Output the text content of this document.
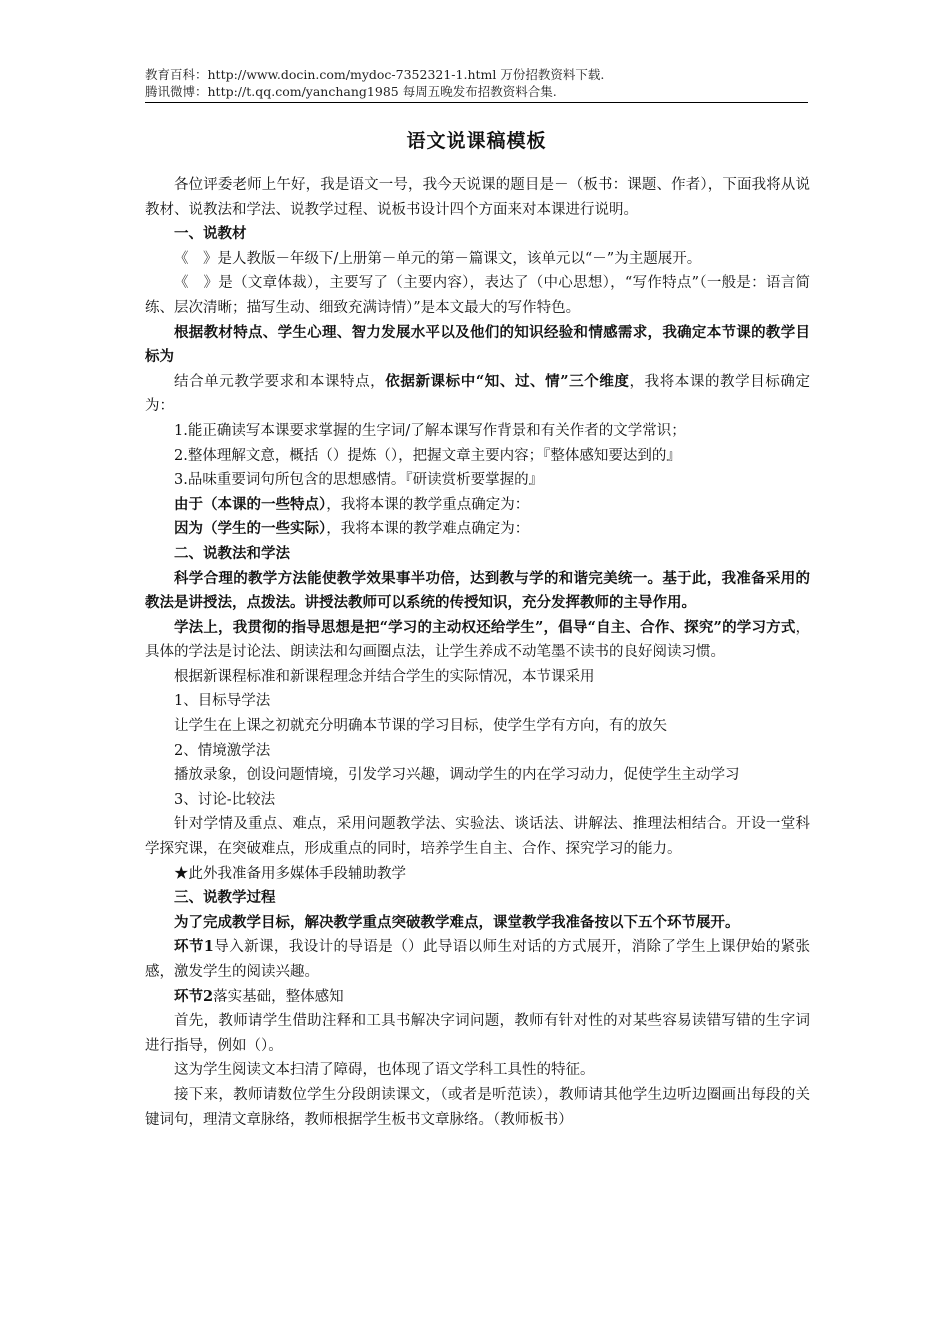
教育百科：http://www.docin.com/mydoc-7352321-1.html 万份招教资料下载.
腾讯微博：http://t.qq.com/yanchang1985 每周五晚发布招教资料合集.
语文说课稿模板

各位评委老师上午好，我是语文一号，我今天说课的题目是－（板书：课题、作者），下面我将从说教材、说教法和学法、说教学过程、说板书设计四个方面来对本课进行说明。

一、说教材

《　》是人教版－年级下/上册第－单元的第－篇课文，该单元以“－”为主题展开。

《　》是（文章体裁），主要写了（主要内容），表达了（中心思想），“写作特点”（一般是：语言简练、层次清晰；描写生动、细致充满诗情）”是本文最大的写作特色。

根据教材特点、学生心理、智力发展水平以及他们的知识经验和情感需求，我确定本节课的教学目标为

结合单元教学要求和本课特点，依据新课标中“知、过、情”三个维度，我将本课的教学目标确定为：

1.能正确读写本课要求掌握的生字词/了解本课写作背景和有关作者的文学常识；

2.整体理解文意，概括（）提炼（），把握文章主要内容；『整体感知要达到的』

3.品味重要词句所包含的思想感情。『研读赏析要掌握的』

由于（本课的一些特点），我将本课的教学重点确定为：

因为（学生的一些实际），我将本课的教学难点确定为：

二、说教法和学法

科学合理的教学方法能使教学效果事半功倍，达到教与学的和谐完美统一。基于此，我准备采用的教法是讲授法，点拨法。讲授法教师可以系统的传授知识，充分发挥教师的主导作用。

学法上，我贯彻的指导思想是把“学习的主动权还给学生”，倡导“自主、合作、探究”的学习方式，具体的学法是讨论法、朗读法和勾画圈点法，让学生养成不动笔墨不读书的良好阅读习惯。

根据新课程标准和新课程理念并结合学生的实际情况，本节课采用

1、目标导学法

让学生在上课之初就充分明确本节课的学习目标，使学生学有方向，有的放矢

2、情境激学法

播放录象，创设问题情境，引发学习兴趣，调动学生的内在学习动力，促使学生主动学习

3、讨论-比较法

针对学情及重点、难点，采用问题教学法、实验法、谈话法、讲解法、推理法相结合。开设一堂科学探究课，在突破难点，形成重点的同时，培养学生自主、合作、探究学习的能力。

★此外我准备用多媒体手段辅助教学

三、说教学过程

为了完成教学目标，解决教学重点突破教学难点，课堂教学我准备按以下五个环节展开。

环节1导入新课，我设计的导语是（）此导语以师生对话的方式展开，消除了学生上课伊始的紧张感，激发学生的阅读兴趣。

环节2落实基础，整体感知

首先，教师请学生借助注释和工具书解决字词问题，教师有针对性的对某些容易读错写错的生字词进行指导，例如（）。

这为学生阅读文本扫清了障碍，也体现了语文学科工具性的特征。

接下来，教师请数位学生分段朗读课文，（或者是听范读），教师请其他学生边听边圈画出每段的关键词句，理清文章脉络，教师根据学生板书文章脉络。（教师板书）
